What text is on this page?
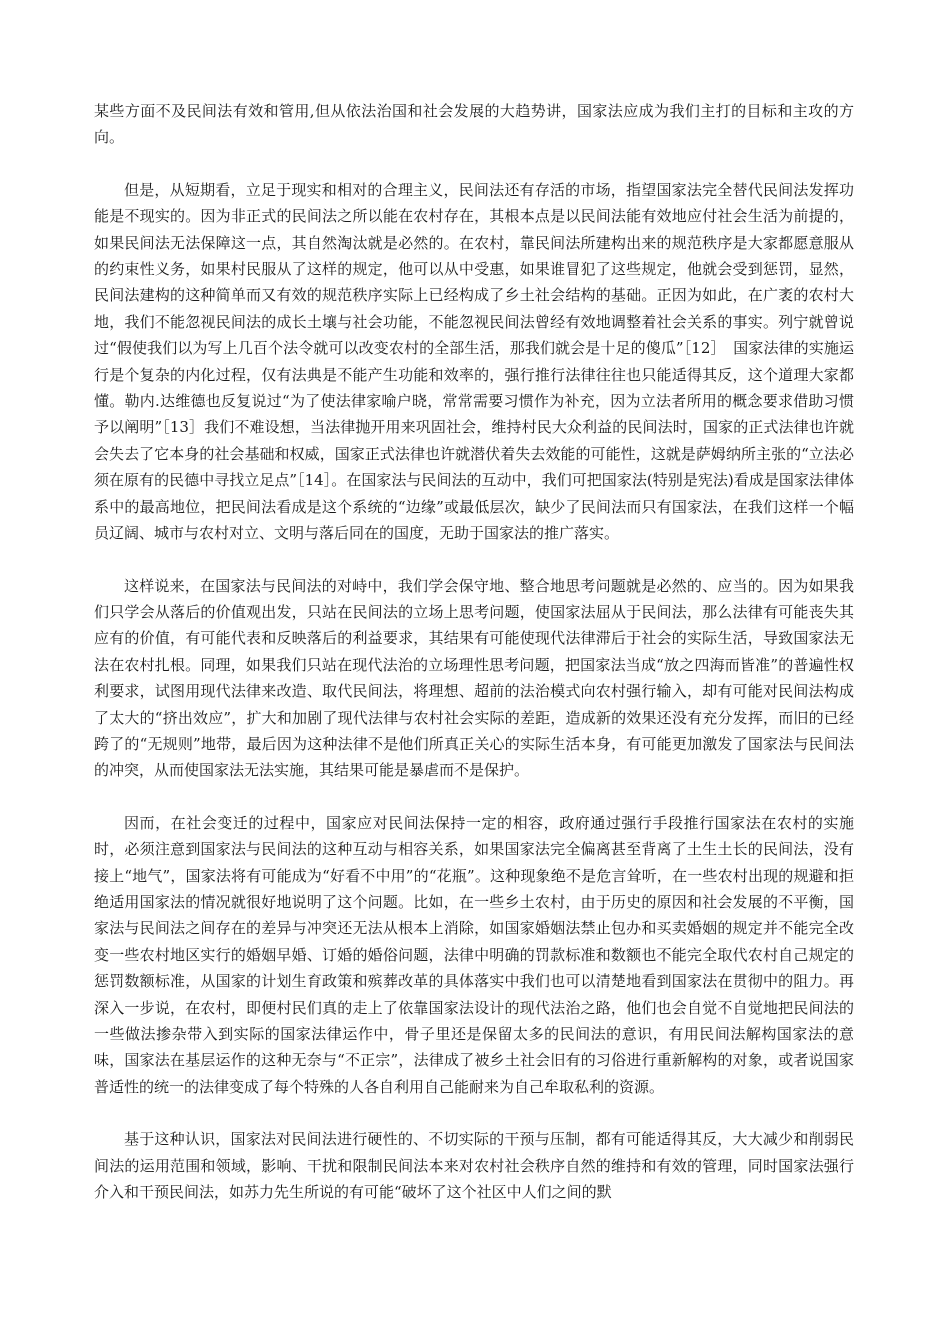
某些方面不及民间法有效和管用,但从依法治国和社会发展的大趋势讲，国家法应成为我们主打的目标和主攻的方向。

但是，从短期看，立足于现实和相对的合理主义，民间法还有存活的市场，指望国家法完全替代民间法发挥功能是不现实的。因为非正式的民间法之所以能在农村存在，其根本点是以民间法能有效地应付社会生活为前提的，如果民间法无法保障这一点，其自然淘汰就是必然的。在农村，靠民间法所建构出来的规范秩序是大家都愿意服从的约束性义务，如果村民服从了这样的规定，他可以从中受惠，如果谁冒犯了这些规定，他就会受到惩罚，显然，民间法建构的这种简单而又有效的规范秩序实际上已经构成了乡土社会结构的基础。正因为如此，在广袤的农村大地，我们不能忽视民间法的成长土壤与社会功能，不能忽视民间法曾经有效地调整着社会关系的事实。列宁就曾说过“假使我们以为写上几百个法令就可以改变农村的全部生活，那我们就会是十足的傻瓜”［12］　国家法律的实施运行是个复杂的内化过程，仅有法典是不能产生功能和效率的，强行推行法律往往也只能适得其反，这个道理大家都懂。勒内.达维德也反复说过“为了使法律家喻户晓，常常需要习惯作为补充，因为立法者所用的概念要求借助习惯予以阐明”［13］我们不难设想，当法律抛开用来巩固社会，维持村民大众利益的民间法时，国家的正式法律也许就会失去了它本身的社会基础和权威，国家正式法律也许就潜伏着失去效能的可能性，这就是萨姆纳所主张的“立法必须在原有的民德中寻找立足点”［14］。在国家法与民间法的互动中，我们可把国家法(特别是宪法)看成是国家法律体系中的最高地位，把民间法看成是这个系统的“边缘”或最低层次，缺少了民间法而只有国家法，在我们这样一个幅员辽阔、城市与农村对立、文明与落后同在的国度，无助于国家法的推广落实。

这样说来，在国家法与民间法的对峙中，我们学会保守地、整合地思考问题就是必然的、应当的。因为如果我们只学会从落后的价值观出发，只站在民间法的立场上思考问题，使国家法屈从于民间法，那么法律有可能丧失其应有的价值，有可能代表和反映落后的利益要求，其结果有可能使现代法律滞后于社会的实际生活，导致国家法无法在农村扎根。同理，如果我们只站在现代法治的立场理性思考问题，把国家法当成“放之四海而皆准”的普遍性权利要求，试图用现代法律来改造、取代民间法，将理想、超前的法治模式向农村强行输入，却有可能对民间法构成了太大的“挤出效应”，扩大和加剧了现代法律与农村社会实际的差距，造成新的效果还没有充分发挥，而旧的已经跨了的“无规则”地带，最后因为这种法律不是他们所真正关心的实际生活本身，有可能更加激发了国家法与民间法的冲突，从而使国家法无法实施，其结果可能是暴虐而不是保护。

因而，在社会变迁的过程中，国家应对民间法保持一定的相容，政府通过强行手段推行国家法在农村的实施时，必须注意到国家法与民间法的这种互动与相容关系，如果国家法完全偏离甚至背离了土生土长的民间法，没有接上“地气”，国家法将有可能成为“好看不中用”的“花瓶”。这种现象绝不是危言耸听，在一些农村出现的规避和拒绝适用国家法的情况就很好地说明了这个问题。比如，在一些乡土农村，由于历史的原因和社会发展的不平衡，国家法与民间法之间存在的差异与冲突还无法从根本上消除，如国家婚姻法禁止包办和买卖婚姻的规定并不能完全改变一些农村地区实行的婚姻早婚、订婚的婚俗问题，法律中明确的罚款标准和数额也不能完全取代农村自己规定的惩罚数额标准，从国家的计划生育政策和殡葬改革的具体落实中我们也可以清楚地看到国家法在贯彻中的阻力。再深入一步说，在农村，即便村民们真的走上了依靠国家法设计的现代法治之路，他们也会自觉不自觉地把民间法的一些做法掺杂带入到实际的国家法律运作中，骨子里还是保留太多的民间法的意识，有用民间法解构国家法的意味，国家法在基层运作的这种无奈与“不正宗”，法律成了被乡土社会旧有的习俗进行重新解构的对象，或者说国家普适性的统一的法律变成了每个特殊的人各自利用自己能耐来为自己牟取私利的资源。

基于这种认识，国家法对民间法进行硬性的、不切实际的干预与压制，都有可能适得其反，大大减少和削弱民间法的运用范围和领域，影响、干扰和限制民间法本来对农村社会秩序自然的维持和有效的管理，同时国家法强行介入和干预民间法，如苏力先生所说的有可能“破坏了这个社区中人们之间的默
